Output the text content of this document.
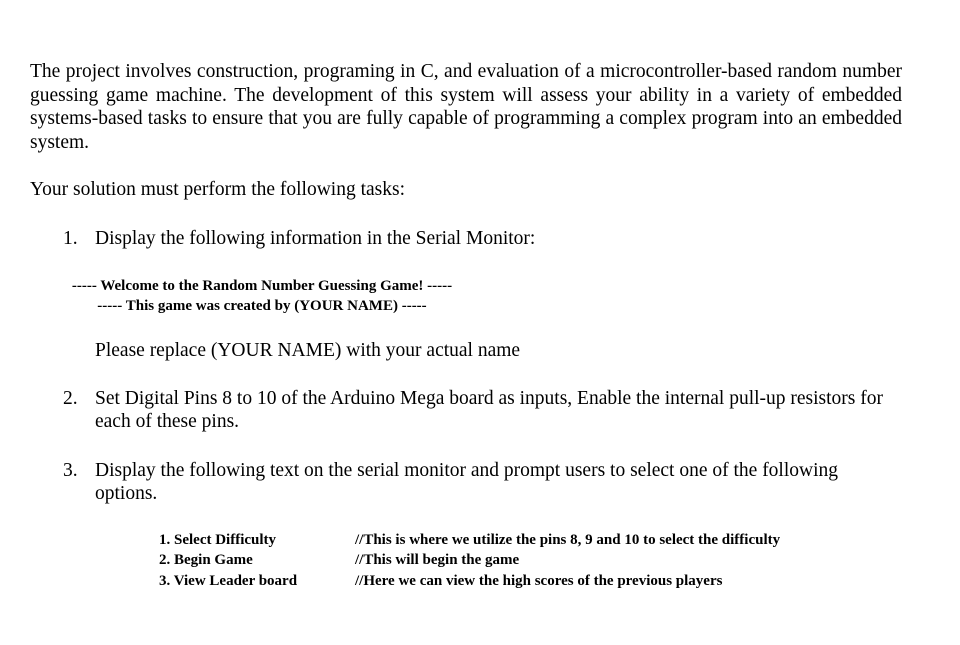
The project involves construction, programing in C, and evaluation of a microcontroller-based random number guessing game machine. The development of this system will assess your ability in a variety of embedded systems-based tasks to ensure that you are fully capable of programming a complex program into an embedded system.

Your solution must perform the following tasks:

1. Display the following information in the Serial Monitor:
----- Welcome to the Random Number Guessing Game! -----
----- This game was created by (YOUR NAME) -----
Please replace (YOUR NAME) with your actual name
2. Set Digital Pins 8 to 10 of the Arduino Mega board as inputs, Enable the internal pull-up resistors for each of these pins.
3. Display the following text on the serial monitor and prompt users to select one of the following options.
1. Select Difficulty	//This is where we utilize the pins 8, 9 and 10 to select the difficulty
2. Begin Game	//This will begin the game
3. View Leader board	//Here we can view the high scores of the previous players
